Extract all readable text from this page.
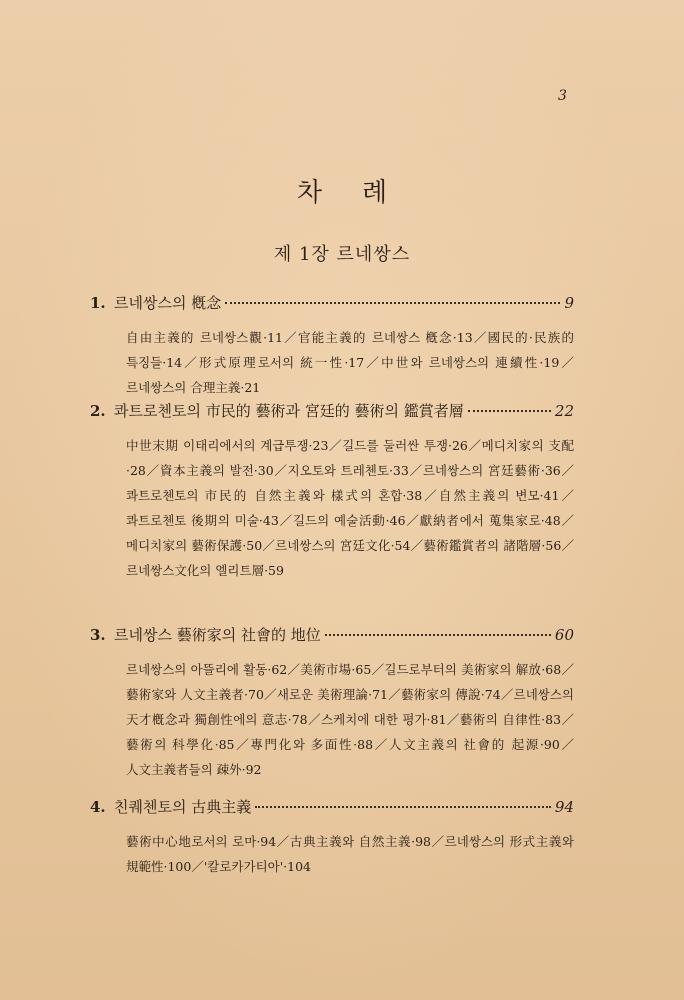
3
차례
제 1장 르네쌍스
1. 르네쌍스의 槪念	9
自由主義的 르네쌍스觀·11／官能主義的 르네쌍스 槪念·13／國民的·民族的 특징들·14／形式原理로서의 統一性·17／中世와 르네쌍스의 連續性·19／르네쌍스의 合理主義·21
2. 콰트로첸토의 市民的 藝術과 宮廷的 藝術의 鑑賞者層	22
中世末期 이태리에서의 계급투쟁·23／길드를 둘러싼 투쟁·26／메디치家의 支配·28／資本主義의 발전·30／지오토와 트레첸토·33／르네쌍스의 宮廷藝術·36／콰트로첸토의 市民的 自然主義와 樣式의 혼합·38／自然主義의 변모·41／콰트로첸토 後期의 미술·43／길드의 예술活動·46／獻納者에서 蒐集家로·48／메디치家의 藝術保護·50／르네쌍스의 宮廷文化·54／藝術鑑賞者의 諸階層·56／르네쌍스文化의 엘리트層·59
3. 르네쌍스 藝術家의 社會的 地位	60
르네쌍스의 아뜰리에 활동·62／美術市場·65／길드로부터의 美術家의 解放·68／藝術家와 人文主義者·70／새로운 美術理論·71／藝術家의 傳說·74／르네쌍스의 天才槪念과 獨創性에의 意志·78／스케치에 대한 평가·81／藝術의 自律性·83／藝術의 科學化·85／專門化와 多面性·88／人文主義의 社會的 起源·90／人文主義者들의 疎外·92
4. 친퀘첸토의 古典主義	94
藝術中心地로서의 로마·94／古典主義와 自然主義·98／르네쌍스의 形式主義와 規範性·100／'칼로카가티아'·104
